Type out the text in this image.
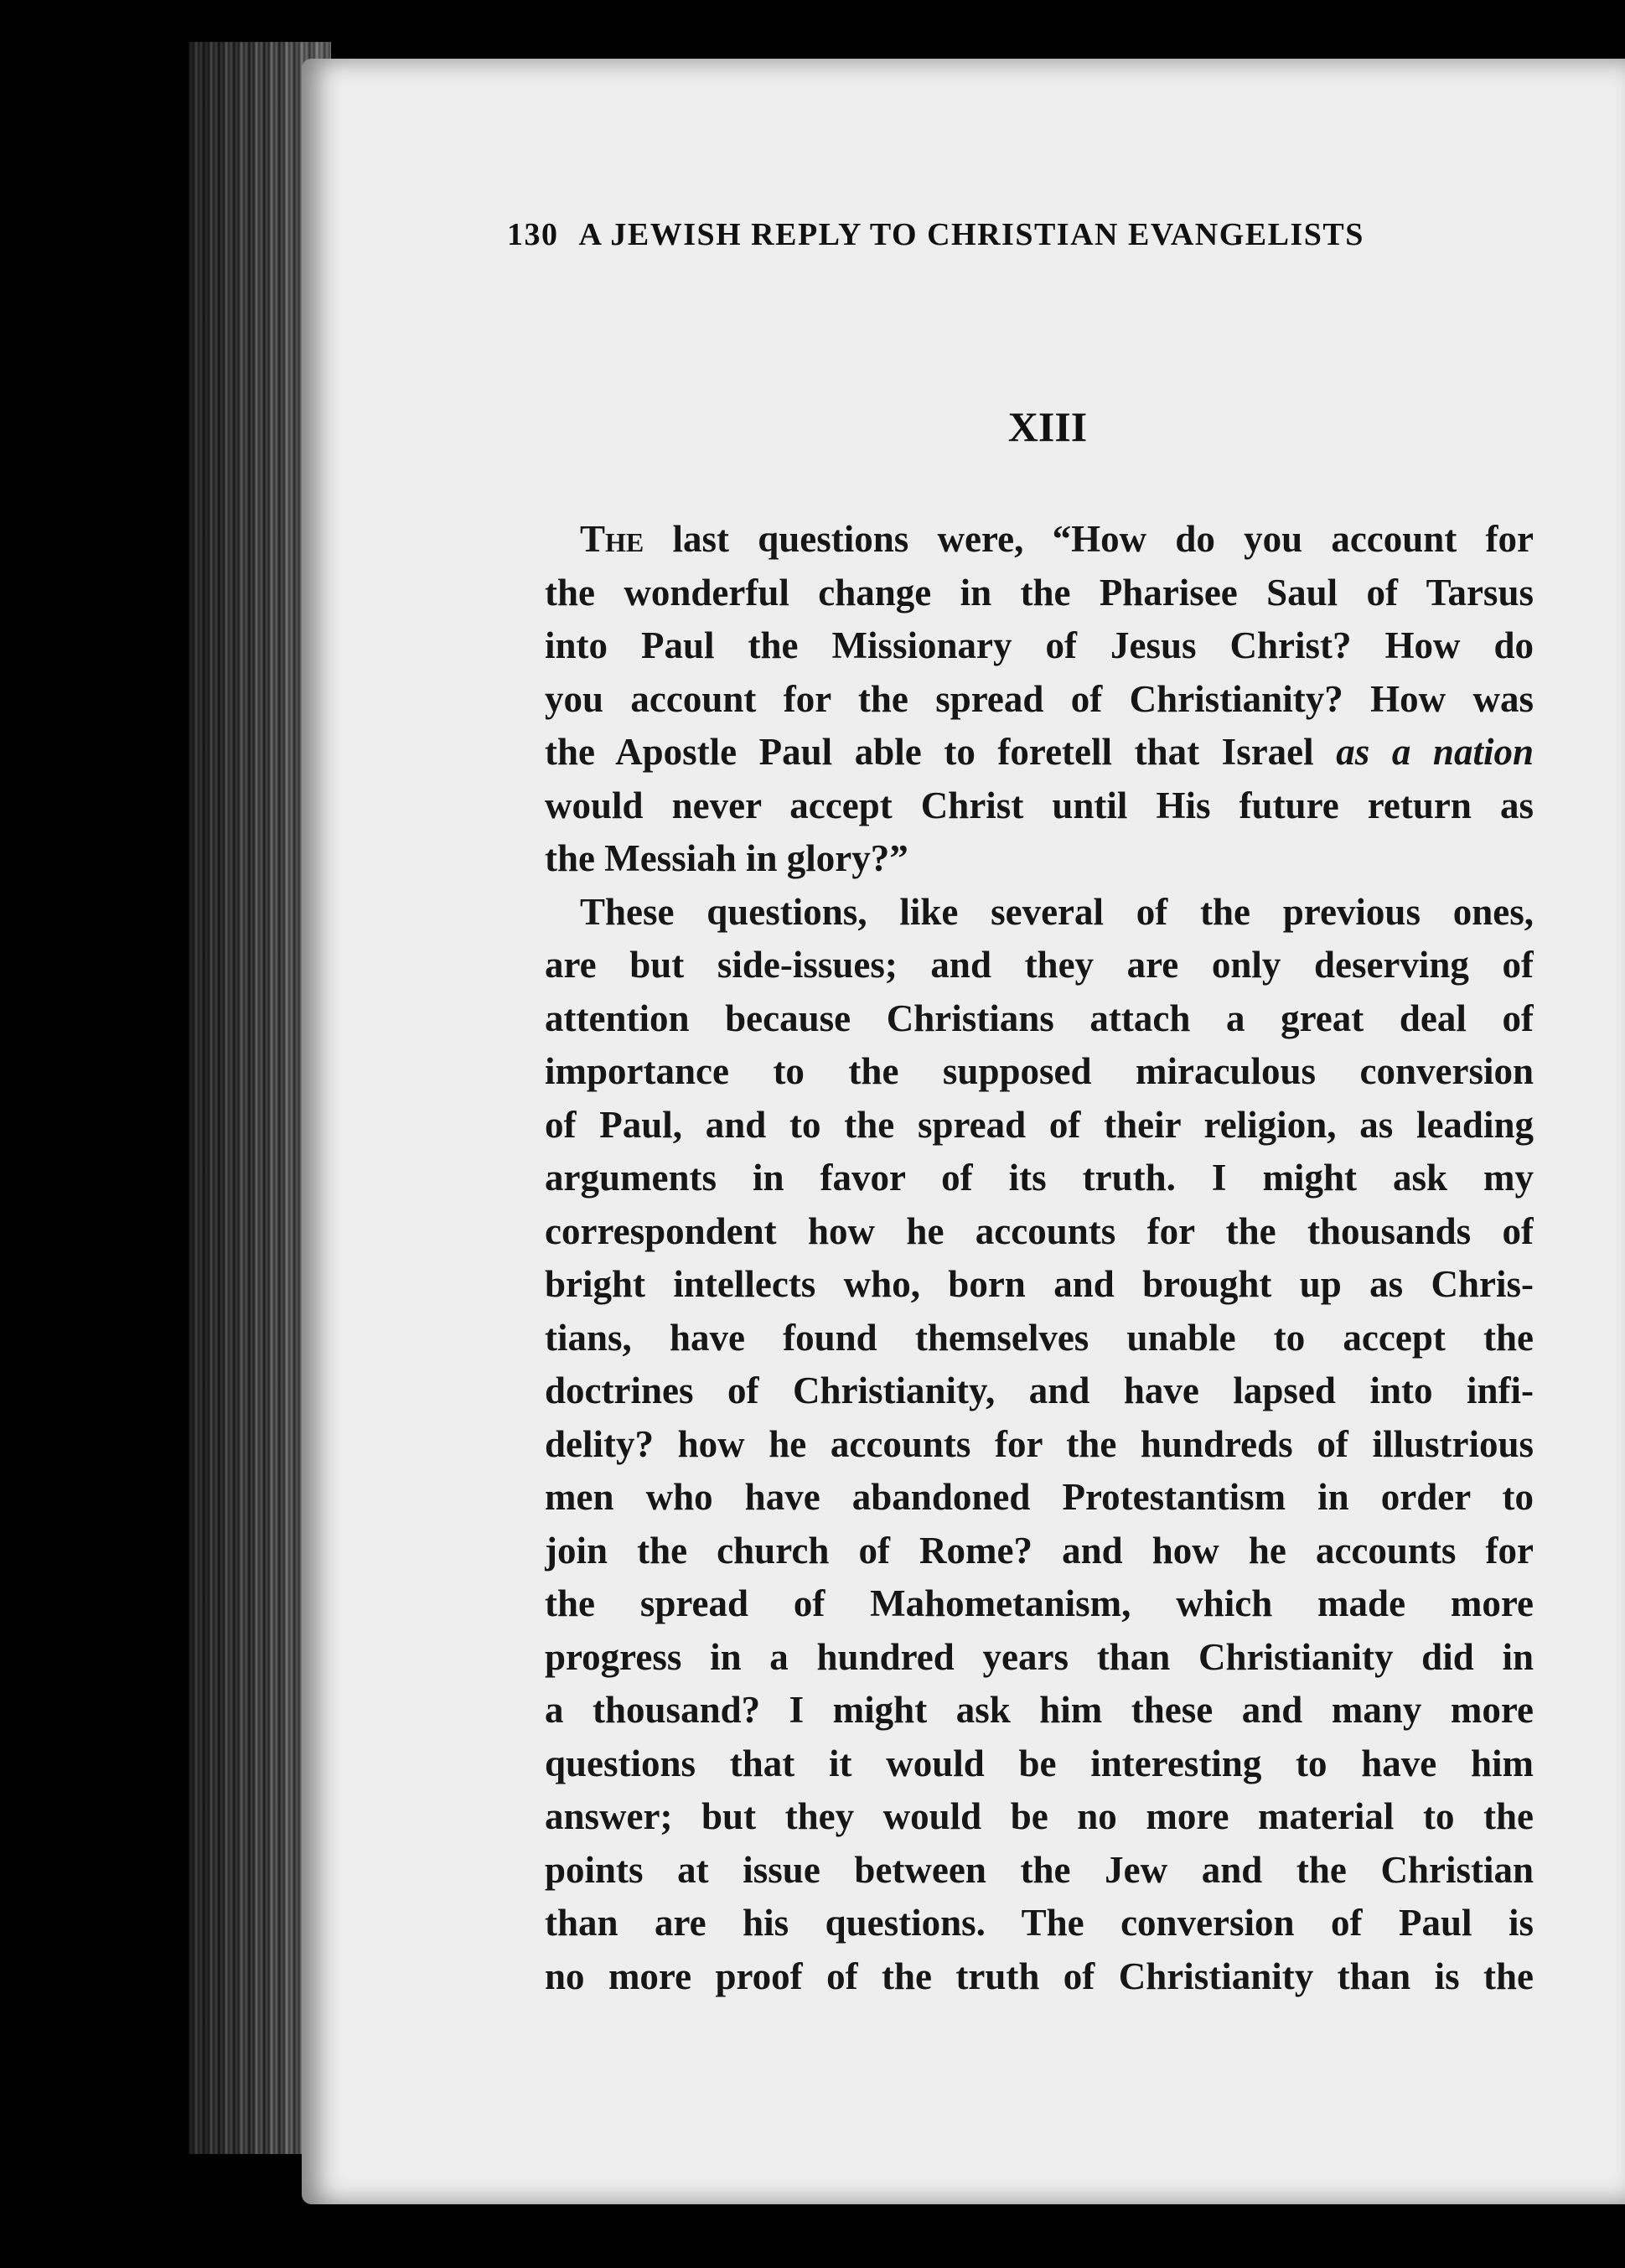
130 A JEWISH REPLY TO CHRISTIAN EVANGELISTS
XIII
The last questions were, “How do you account for
the wonderful change in the Pharisee Saul of Tarsus
into Paul the Missionary of Jesus Christ? How do
you account for the spread of Christianity? How was
the Apostle Paul able to foretell that Israel as a nation
would never accept Christ until His future return as
the Messiah in glory?”
These questions, like several of the previous ones,
are but side-issues; and they are only deserving of
attention because Christians attach a great deal of
importance to the supposed miraculous conversion
of Paul, and to the spread of their religion, as leading
arguments in favor of its truth. I might ask my
correspondent how he accounts for the thousands of
bright intellects who, born and brought up as Chris-
tians, have found themselves unable to accept the
doctrines of Christianity, and have lapsed into infi-
delity? how he accounts for the hundreds of illustrious
men who have abandoned Protestantism in order to
join the church of Rome? and how he accounts for
the spread of Mahometanism, which made more
progress in a hundred years than Christianity did in
a thousand? I might ask him these and many more
questions that it would be interesting to have him
answer; but they would be no more material to the
points at issue between the Jew and the Christian
than are his questions. The conversion of Paul is
no more proof of the truth of Christianity than is the
